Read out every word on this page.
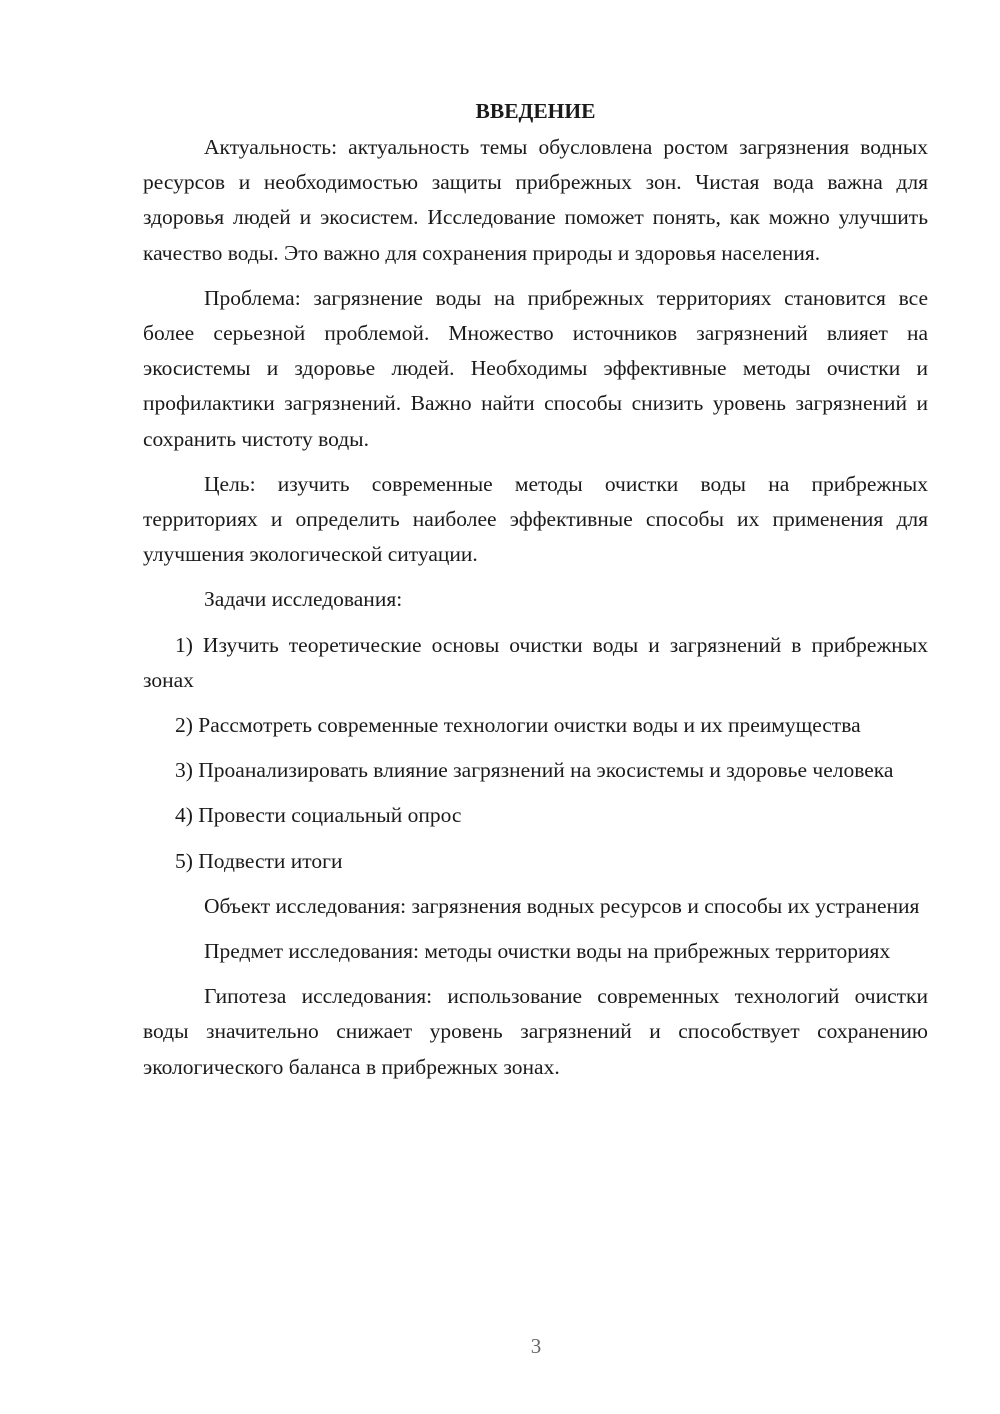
ВВЕДЕНИЕ

Актуальность: актуальность темы обусловлена ростом загрязнения водных ресурсов и необходимостью защиты прибрежных зон. Чистая вода важна для здоровья людей и экосистем. Исследование поможет понять, как можно улучшить качество воды. Это важно для сохранения природы и здоровья населения.

Проблема: загрязнение воды на прибрежных территориях становится все более серьезной проблемой. Множество источников загрязнений влияет на экосистемы и здоровье людей. Необходимы эффективные методы очистки и профилактики загрязнений. Важно найти способы снизить уровень загрязнений и сохранить чистоту воды.

Цель: изучить современные методы очистки воды на прибрежных территориях и определить наиболее эффективные способы их применения для улучшения экологической ситуации.

Задачи исследования:

1) Изучить теоретические основы очистки воды и загрязнений в прибрежных зонах

2) Рассмотреть современные технологии очистки воды и их преимущества

3) Проанализировать влияние загрязнений на экосистемы и здоровье человека

4) Провести социальный опрос

5) Подвести итоги

Объект исследования: загрязнения водных ресурсов и способы их устранения

Предмет исследования: методы очистки воды на прибрежных территориях

Гипотеза исследования: использование современных технологий очистки воды значительно снижает уровень загрязнений и способствует сохранению экологического баланса в прибрежных зонах.

3
